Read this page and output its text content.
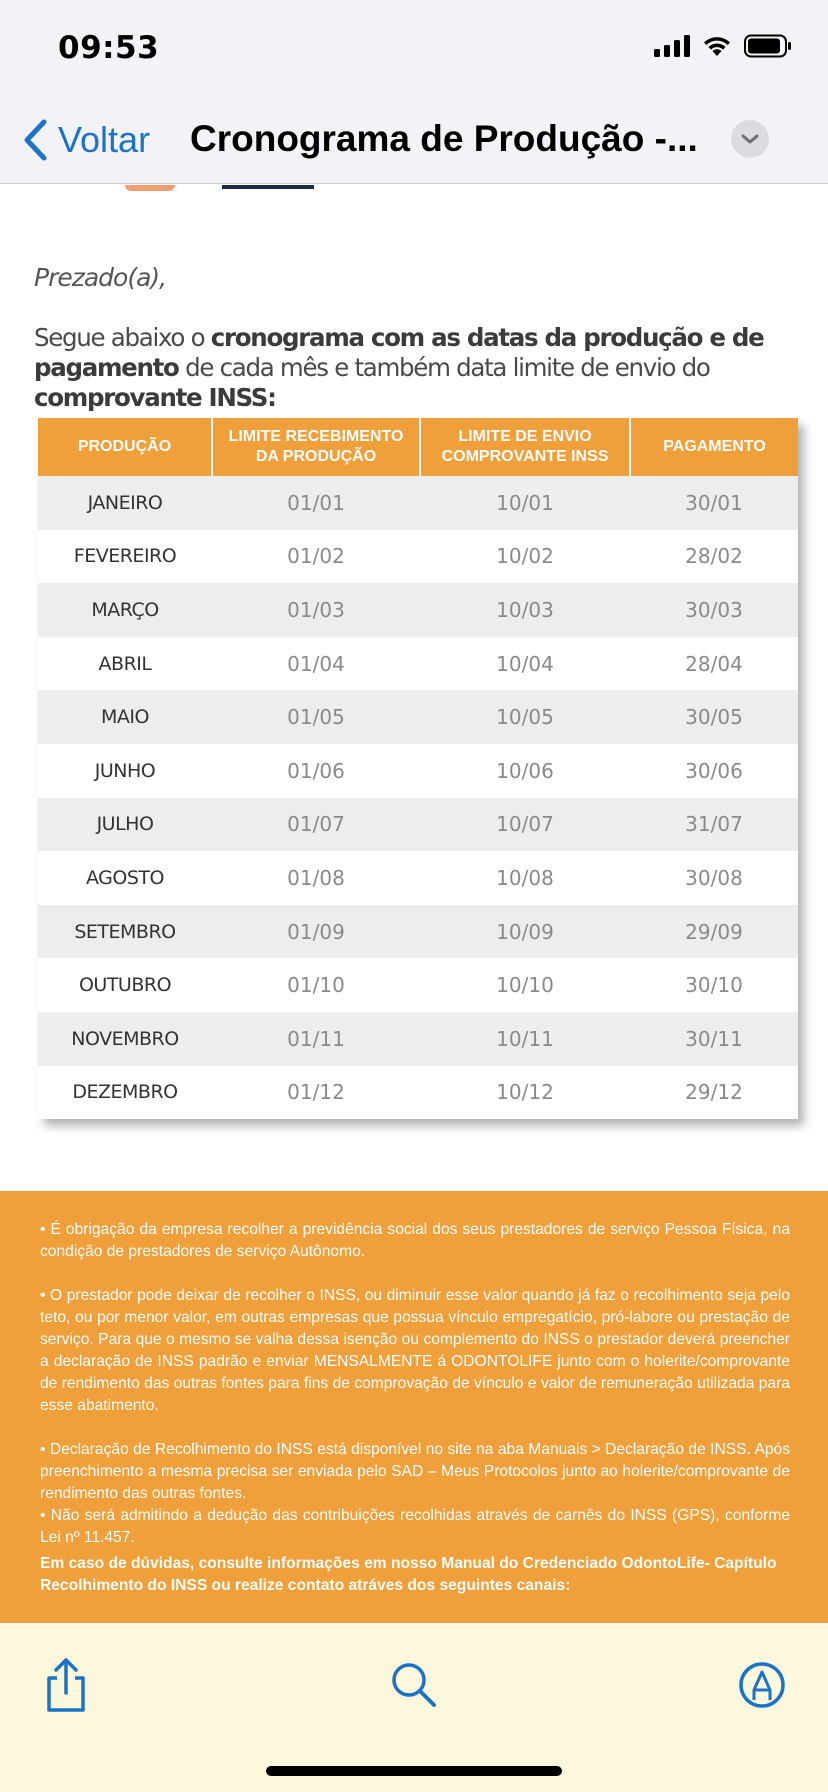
09:53
Voltar Cronograma de Produção -...
Prezado(a),
Segue abaixo o cronograma com as datas da produção e de pagamento de cada mês e também data limite de envio do comprovante INSS:
PRODUÇÃO	LIMITE RECEBIMENTO DA PRODUÇÃO	LIMITE DE ENVIO COMPROVANTE INSS	PAGAMENTO
JANEIRO	01/01	10/01	30/01
FEVEREIRO	01/02	10/02	28/02
MARÇO	01/03	10/03	30/03
ABRIL	01/04	10/04	28/04
MAIO	01/05	10/05	30/05
JUNHO	01/06	10/06	30/06
JULHO	01/07	10/07	31/07
AGOSTO	01/08	10/08	30/08
SETEMBRO	01/09	10/09	29/09
OUTUBRO	01/10	10/10	30/10
NOVEMBRO	01/11	10/11	30/11
DEZEMBRO	01/12	10/12	29/12

• É obrigação da empresa recolher a previdência social dos seus prestadores de serviço Pessoa Física, na condição de prestadores de serviço Autônomo.

• O prestador pode deixar de recolher o INSS, ou diminuir esse valor quando já faz o recolhimento seja pelo teto, ou por menor valor, em outras empresas que possua vínculo empregatício, pró-labore ou prestação de serviço. Para que o mesmo se valha dessa isenção ou complemento do INSS o prestador deverá preencher a declaração de INSS padrão e enviar MENSALMENTE á ODONTOLIFE junto com o holerite/comprovante de rendimento das outras fontes para fins de comprovação de vínculo e valor de remuneração utilizada para esse abatimento.

• Declaração de Recolhimento do INSS está disponível no site na aba Manuais > Declaração de INSS. Após preenchimento a mesma precisa ser enviada pelo SAD – Meus Protocolos junto ao holerite/comprovante de rendimento das outras fontes.

• Não será admitindo a dedução das contribuições recolhidas através de carnês do INSS (GPS), conforme Lei nº 11.457.

Em caso de dúvidas, consulte informações em nosso Manual do Credenciado OdontoLife- Capítulo Recolhimento do INSS ou realize contato atráves dos seguintes canais:
